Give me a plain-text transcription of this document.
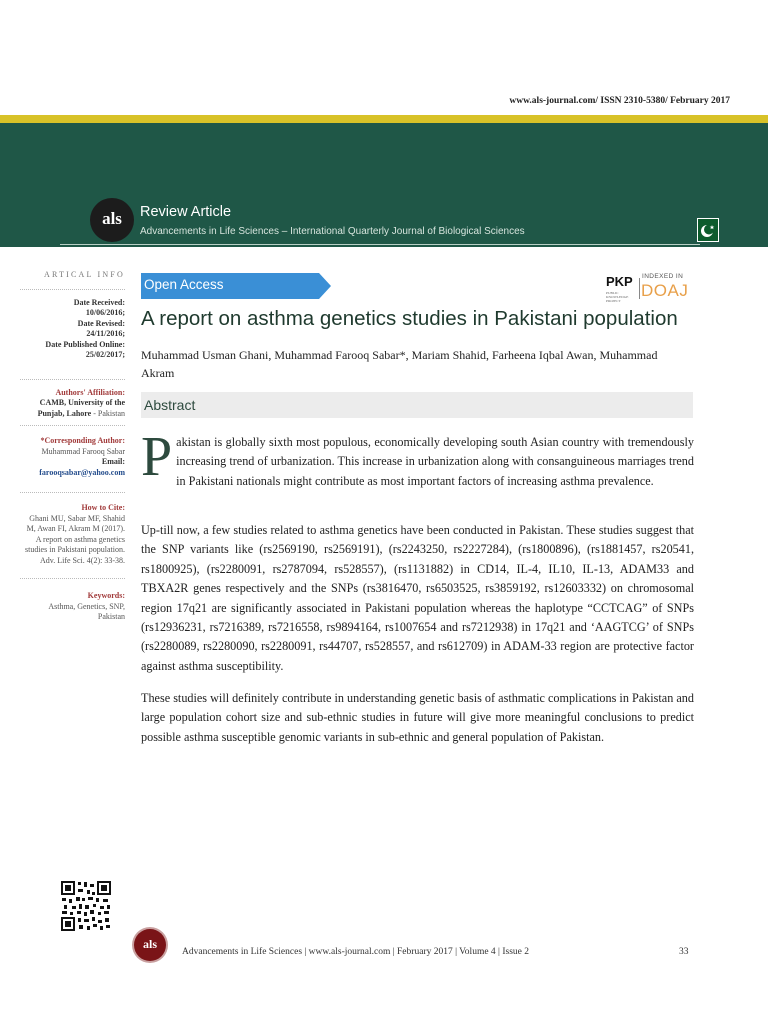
www.als-journal.com/ ISSN 2310-5380/ February 2017
als	Review Article
Advancements in Life Sciences – International Quarterly Journal of Biological Sciences
ARTICAL INFO
Date Received:
10/06/2016;
Date Revised:
24/11/2016;
Date Published Online:
25/02/2017;
Authors' Affiliation:
CAMB, University of the Punjab, Lahore - Pakistan
*Corresponding Author:
Muhammad Farooq Sabar
Email:
farooqsabar@yahoo.com
How to Cite:
Ghani MU, Sabar MF, Shahid M, Awan FI, Akram M (2017). A report on asthma genetics studies in Pakistani population. Adv. Life Sci. 4(2): 33-38.
Keywords:
Asthma, Genetics, SNP, Pakistan
Open Access	PKP
PUBLIC KNOWLEDGE PROJECT
INDEXED IN
DOAJ
A report on asthma genetics studies in Pakistani population
Muhammad Usman Ghani, Muhammad Farooq Sabar*, Mariam Shahid, Farheena Iqbal Awan, Muhammad Akram
Abstract
Pakistan is globally sixth most populous, economically developing south Asian country with tremendously increasing trend of urbanization. This increase in urbanization along with consanguineous marriages trend in Pakistani nationals might contribute as most important factors of increasing asthma prevalence.
Up-till now, a few studies related to asthma genetics have been conducted in Pakistan. These studies suggest that the SNP variants like (rs2569190, rs2569191), (rs2243250, rs2227284), (rs1800896), (rs1881457, rs20541, rs1800925), (rs2280091, rs2787094, rs528557), (rs1131882) in CD14, IL-4, IL10, IL-13, ADAM33 and TBXA2R genes respectively and the SNPs (rs3816470, rs6503525, rs3859192, rs12603332) on chromosomal region 17q21 are significantly associated in Pakistani population whereas the haplotype “CCTCAG” of SNPs (rs12936231, rs7216389, rs7216558, rs9894164, rs1007654 and rs7212938) in 17q21 and ‘AAGTCG’ of SNPs (rs2280089, rs2280090, rs2280091, rs44707, rs528557, and rs612709) in ADAM-33 region are protective factor against asthma susceptibility.
These studies will definitely contribute in understanding genetic basis of asthmatic complications in Pakistan and large population cohort size and sub-ethnic studies in future will give more meaningful conclusions to predict possible asthma susceptible genomic variants in sub-ethnic and general population of Pakistan.
als
Advancements in Life Sciences | www.als-journal.com | February 2017 | Volume 4 | Issue 2	33
